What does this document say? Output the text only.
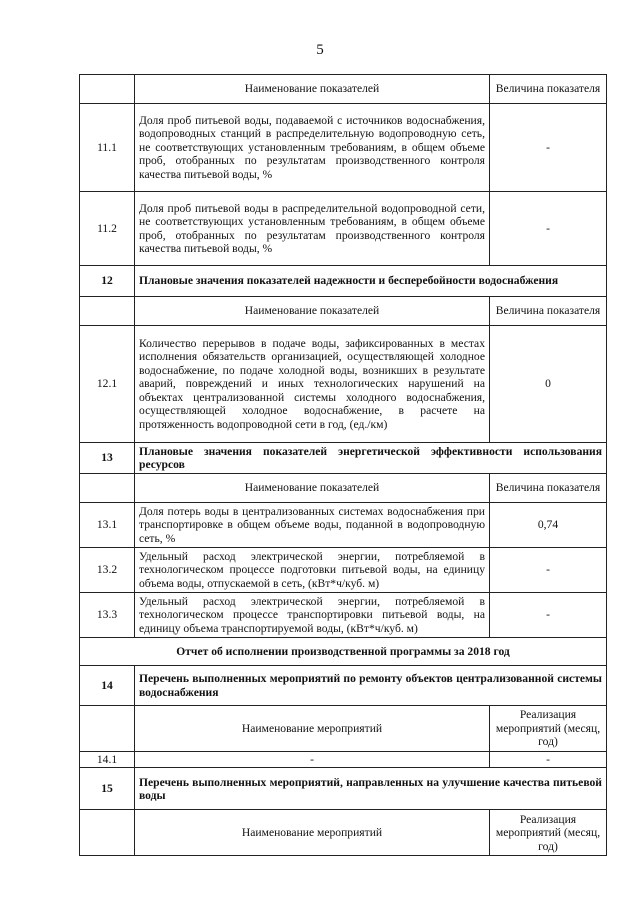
5
	Наименование показателей	Величина показателя
11.1	Доля проб питьевой воды, подаваемой с источников водоснабжения, водопроводных станций в распределительную водопроводную сеть, не соответствующих установленным требованиям, в общем объеме проб, отобранных по результатам производственного контроля качества питьевой воды, %	-
11.2	Доля проб питьевой воды в распределительной водопроводной сети, не соответствующих установленным требованиям, в общем объеме проб, отобранных по результатам производственного контроля качества питьевой воды, %	-
12	Плановые значения показателей надежности и бесперебойности водоснабжения	
	Наименование показателей	Величина показателя
12.1	Количество перерывов в подаче воды, зафиксированных в местах исполнения обязательств организацией, осуществляющей холодное водоснабжение, по подаче холодной воды, возникших в результате аварий, повреждений и иных технологических нарушений на объектах централизованной системы холодного водоснабжения, осуществляющей холодное водоснабжение, в расчете на протяженность водопроводной сети в год, (ед./км)	0
13	Плановые значения показателей энергетической эффективности использования ресурсов	
	Наименование показателей	Величина показателя
13.1	Доля потерь воды в централизованных системах водоснабжения при транспортировке в общем объеме воды, поданной в водопроводную сеть, %	0,74
13.2	Удельный расход электрической энергии, потребляемой в технологическом процессе подготовки питьевой воды, на единицу объема воды, отпускаемой в сеть, (кВт*ч/куб. м)	-
13.3	Удельный расход электрической энергии, потребляемой в технологическом процессе транспортировки питьевой воды, на единицу объема транспортируемой воды, (кВт*ч/куб. м)	-
Отчет об исполнении производственной программы за 2018 год		
14	Перечень выполненных мероприятий по ремонту объектов централизованной системы водоснабжения	
	Наименование мероприятий	Реализация мероприятий (месяц, год)
14.1	-	-
15	Перечень выполненных мероприятий, направленных на улучшение качества питьевой воды	
	Наименование мероприятий	Реализация мероприятий (месяц, год)
